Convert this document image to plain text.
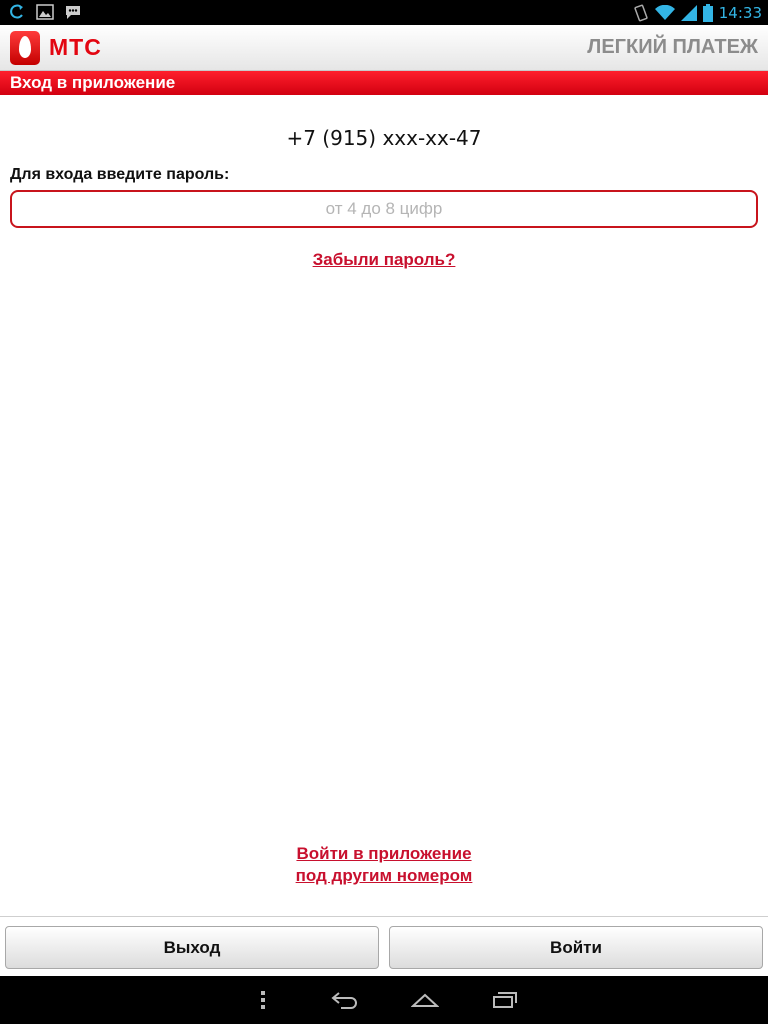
14:33
МТС	ЛЕГКИЙ ПЛАТЕЖ
Вход в приложение
+7 (915) xxx-xx-47
Для входа введите пароль:
Забыли пароль?
Войти в приложение
под другим номером
Выход	Войти
